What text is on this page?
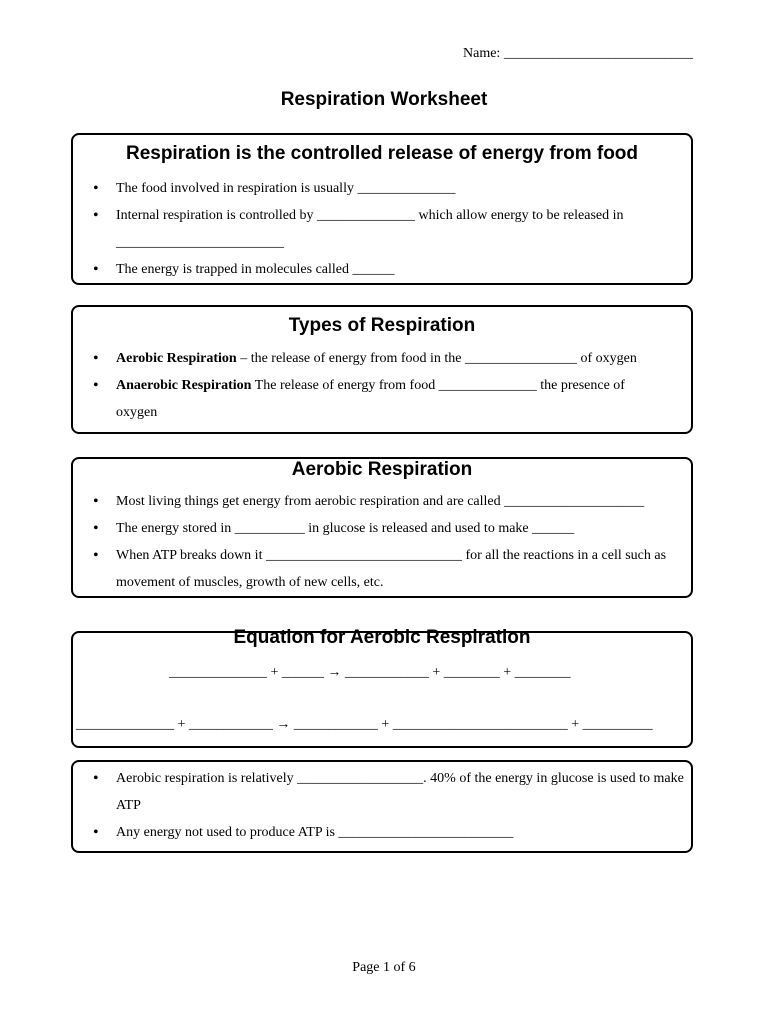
Name: ___________________________
Respiration Worksheet
Respiration is the controlled release of energy from food
• The food involved in respiration is usually ______________
• Internal respiration is controlled by ______________ which allow energy to be released in ________________________
• The energy is trapped in molecules called ______
Types of Respiration
• Aerobic Respiration – the release of energy from food in the ________________ of oxygen
• Anaerobic Respiration The release of energy from food ______________ the presence of oxygen
Aerobic Respiration
• Most living things get energy from aerobic respiration and are called ____________________
• The energy stored in __________ in glucose is released and used to make ______
• When ATP breaks down it ____________________________ for all the reactions in a cell such as movement of muscles, growth of new cells, etc.
Equation for Aerobic Respiration
______________ + ______ → ____________ + ________ + ________
______________ + ____________ → ____________ + _________________________ + __________
• Aerobic respiration is relatively __________________. 40% of the energy in glucose is used to make ATP
• Any energy not used to produce ATP is _________________________
Page 1 of 6
